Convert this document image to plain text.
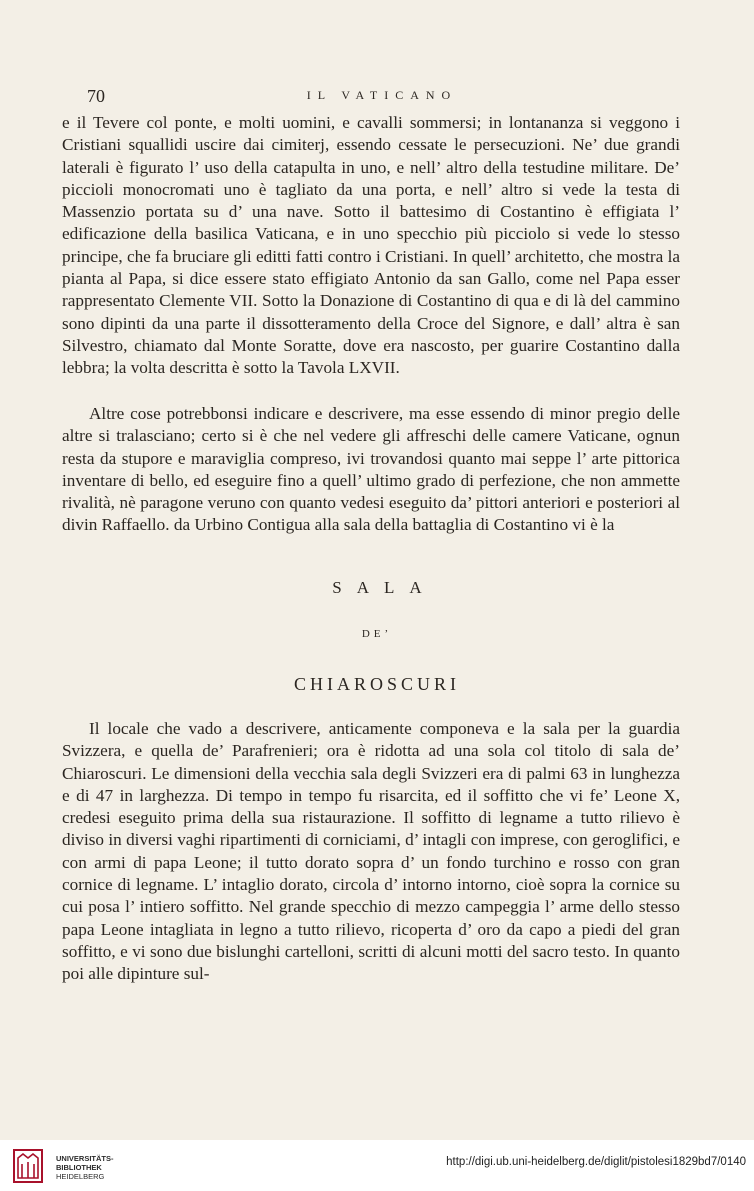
70	IL VATICANO

e il Tevere col ponte, e molti uomini, e cavalli sommersi; in lontananza si veggono i Cristiani squallidi uscire dai cimiterj, essendo cessate le persecuzioni. Ne’ due grandi laterali è figurato l’ uso della catapulta in uno, e nell’ altro della testudine militare. De’ piccioli monocromati uno è tagliato da una porta, e nell’ altro si vede la testa di Massenzio portata su d’ una nave. Sotto il battesimo di Costantino è effigiata l’ edificazione della basilica Vaticana, e in uno specchio più picciolo si vede lo stesso principe, che fa bruciare gli editti fatti contro i Cristiani. In quell’ architetto, che mostra la pianta al Papa, si dice essere stato effigiato Antonio da san Gallo, come nel Papa esser rappresentato Clemente VII. Sotto la Donazione di Costantino di qua e di là del cammino sono dipinti da una parte il dissotteramento della Croce del Signore, e dall’ altra è san Silvestro, chiamato dal Monte Soratte, dove era nascosto, per guarire Costantino dalla lebbra; la volta descritta è sotto la Tavola LXVII.

Altre cose potrebbonsi indicare e descrivere, ma esse essendo di minor pregio delle altre si tralasciano; certo si è che nel vedere gli affreschi delle camere Vaticane, ognun resta da stupore e maraviglia compreso, ivi trovandosi quanto mai seppe l’ arte pittorica inventare di bello, ed eseguire fino a quell’ ultimo grado di perfezione, che non ammette rivalità, nè paragone veruno con quanto vedesi eseguito da’ pittori anteriori e posteriori al divin Raffaello. da Urbino Contigua alla sala della battaglia di Costantino vi è la

SALA
DE’
CHIAROSCURI

Il locale che vado a descrivere, anticamente componeva e la sala per la guardia Svizzera, e quella de’ Parafrenieri; ora è ridotta ad una sola col titolo di sala de’ Chiaroscuri. Le dimensioni della vecchia sala degli Svizzeri era di palmi 63 in lunghezza e di 47 in larghezza. Di tempo in tempo fu risarcita, ed il soffitto che vi fe’ Leone X, credesi eseguito prima della sua ristaurazione. Il soffitto di legname a tutto rilievo è diviso in diversi vaghi ripartimenti di corniciami, d’ intagli con imprese, con geroglifici, e con armi di papa Leone; il tutto dorato sopra d’ un fondo turchino e rosso con gran cornice di legname. L’ intaglio dorato, circola d’ intorno intorno, cioè sopra la cornice su cui posa l’ intiero soffitto. Nel grande specchio di mezzo campeggia l’ arme dello stesso papa Leone intagliata in legno a tutto rilievo, ricoperta d’ oro da capo a piedi del gran soffitto, e vi sono due bislunghi cartelloni, scritti di alcuni motti del sacro testo. In quanto poi alle dipinture sul-

UNIVERSITÄTS-
BIBLIOTHEK
HEIDELBERG
http://digi.ub.uni-heidelberg.de/diglit/pistolesi1829bd7/0140
